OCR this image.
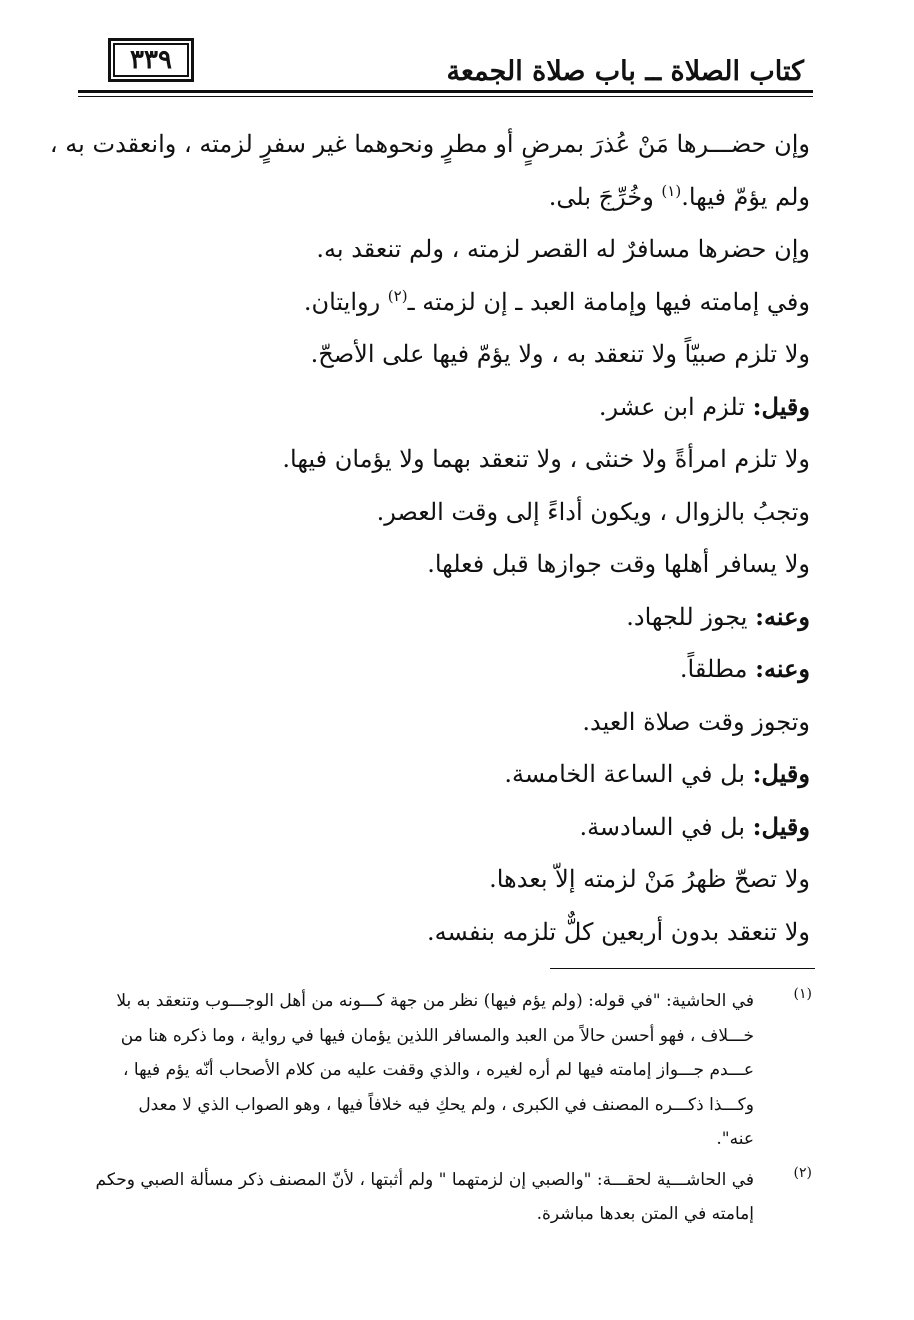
٣٣٩	كتاب الصلاة ــ باب صلاة الجمعة
وإن حضـــرها مَنْ عُذرَ بمرضٍ أو مطرٍ ونحوهما غير سفرٍ لزمته ، وانعقدت به ،
ولم يؤمّ فيها.$^{(١)}$ وخُرِّجَ بلى.
وإن حضرها مسافرٌ له القصر لزمته ، ولم تنعقد به.
وفي إمامته فيها وإمامة العبد ـ إن لزمته ـ$^{(٢)}$ روايتان.
ولا تلزم صبيّاً ولا تنعقد به ، ولا يؤمّ فيها على الأصحّ.
وقيل: تلزم ابن عشر.
ولا تلزم امرأةً ولا خنثى ، ولا تنعقد بهما ولا يؤمان فيها.
وتجبُ بالزوال ، ويكون أداءً إلى وقت العصر.
ولا يسافر أهلها وقت جوازها قبل فعلها.
وعنه: يجوز للجهاد.
وعنه: مطلقاً.
وتجوز وقت صلاة العيد.
وقيل: بل في الساعة الخامسة.
وقيل: بل في السادسة.
ولا تصحّ ظهرُ مَنْ لزمته إلاّ بعدها.
ولا تنعقد بدون أربعين كلٌّ تلزمه بنفسه.
(١)
في الحاشية: "في قوله: (ولم يؤم فيها) نظر من جهة كـــونه من أهل الوجـــوب وتنعقد به بلا
خـــلاف ، فهو أحسن حالاً من العبد والمسافر اللذين يؤمان فيها في رواية ، وما ذكره هنا من
عـــدم جـــواز إمامته فيها لم أره لغيره ، والذي وقفت عليه من كلام الأصحاب أنّه يؤم فيها ،
وكـــذا ذكـــره المصنف في الكبرى ، ولم يحكِ فيه خلافاً فيها ، وهو الصواب الذي لا معدل
عنه".
(٢)
في الحاشـــية لحقـــة: "والصبي إن لزمتهما " ولم أثبتها ، لأنّ المصنف ذكر مسألة الصبي وحكم
إمامته في المتن بعدها مباشرة.
